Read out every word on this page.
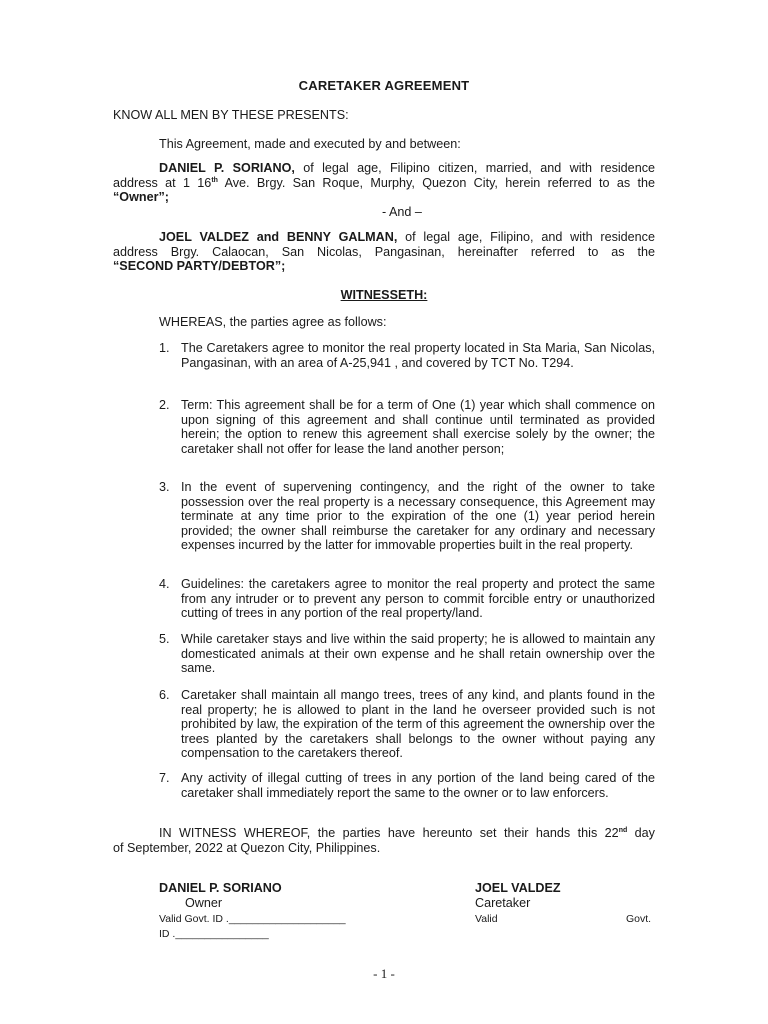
CARETAKER AGREEMENT
KNOW ALL MEN BY THESE PRESENTS:
This Agreement, made and executed by and between:
DANIEL P. SORIANO, of legal age, Filipino citizen, married, and with residence
address at 1 16th Ave. Brgy. San Roque, Murphy, Quezon City, herein referred to as the
“Owner”;
- And –
JOEL VALDEZ and BENNY GALMAN, of legal age, Filipino, and with residence
address Brgy. Calaocan, San Nicolas, Pangasinan, hereinafter referred to as the
“SECOND PARTY/DEBTOR”;
WITNESSETH:
WHEREAS, the parties agree as follows:
1. The Caretakers agree to monitor the real property located in Sta Maria, San Nicolas, Pangasinan, with an area of A-25,941 , and covered by TCT No. T294.
2. Term: This agreement shall be for a term of One (1) year which shall commence on upon signing of this agreement and shall continue until terminated as provided herein; the option to renew this agreement shall exercise solely by the owner; the caretaker shall not offer for lease the land another person;
3. In the event of supervening contingency, and the right of the owner to take possession over the real property is a necessary consequence, this Agreement may terminate at any time prior to the expiration of the one (1) year period herein provided; the owner shall reimburse the caretaker for any ordinary and necessary expenses incurred by the latter for immovable properties built in the real property.
4. Guidelines: the caretakers agree to monitor the real property and protect the same from any intruder or to prevent any person to commit forcible entry or unauthorized cutting of trees in any portion of the real property/land.
5. While caretaker stays and live within the said property; he is allowed to maintain any domesticated animals at their own expense and he shall retain ownership over the same.
6. Caretaker shall maintain all mango trees, trees of any kind, and plants found in the real property; he is allowed to plant in the land he overseer provided such is not prohibited by law, the expiration of the term of this agreement the ownership over the trees planted by the caretakers shall belongs to the owner without paying any compensation to the caretakers thereof.
7. Any activity of illegal cutting of trees in any portion of the land being cared of the caretaker shall immediately report the same to the owner or to law enforcers.
IN WITNESS WHEREOF, the parties have hereunto set their hands this 22nd day
of September, 2022 at Quezon City, Philippines.
DANIEL P. SORIANO
Owner
Valid Govt. ID .____________________
ID .________________
JOEL VALDEZ
Caretaker
Valid	Govt.
- 1 -
